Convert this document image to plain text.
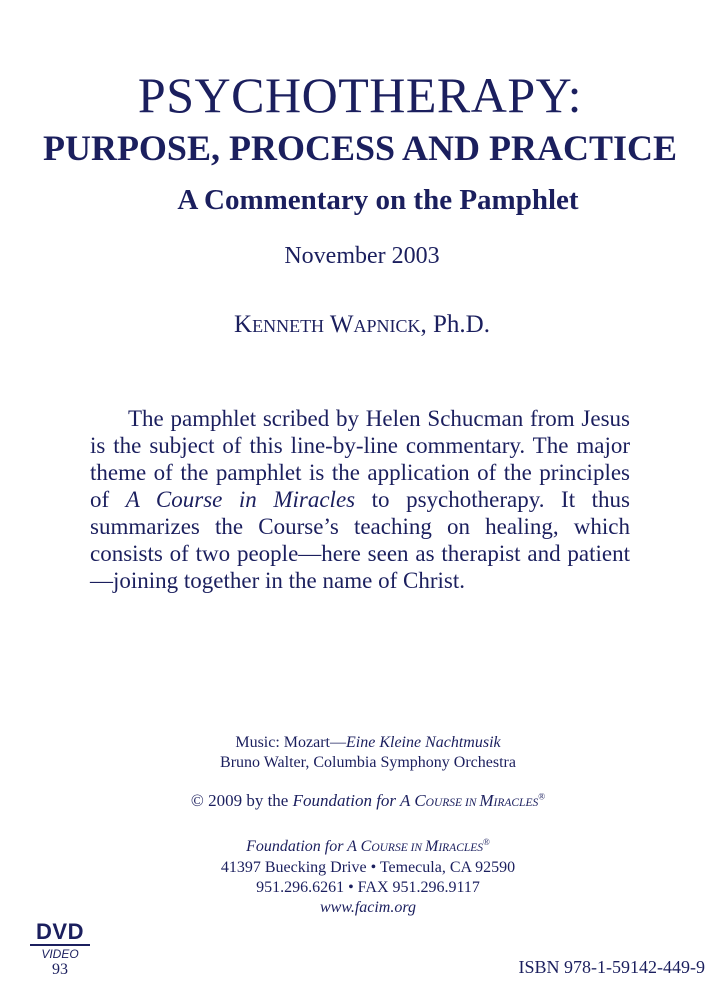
PSYCHOTHERAPY:
PURPOSE, PROCESS AND PRACTICE
A Commentary on the Pamphlet
November 2003
KENNETH WAPNICK, Ph.D.
The pamphlet scribed by Helen Schucman from Jesus is the subject of this line-by-line commentary. The major theme of the pamphlet is the application of the principles of A Course in Miracles to psychotherapy. It thus summarizes the Course’s teaching on healing, which consists of two people—here seen as therapist and patient—joining together in the name of Christ.
Music: Mozart—Eine Kleine Nachtmusik
Bruno Walter, Columbia Symphony Orchestra
© 2009 by the Foundation for A COURSE IN MIRACLES®
Foundation for A COURSE IN MIRACLES®
41397 Buecking Drive • Temecula, CA 92590
951.296.6261 • FAX 951.296.9117
www.facim.org
DVD
VIDEO
93	ISBN 978-1-59142-449-9
